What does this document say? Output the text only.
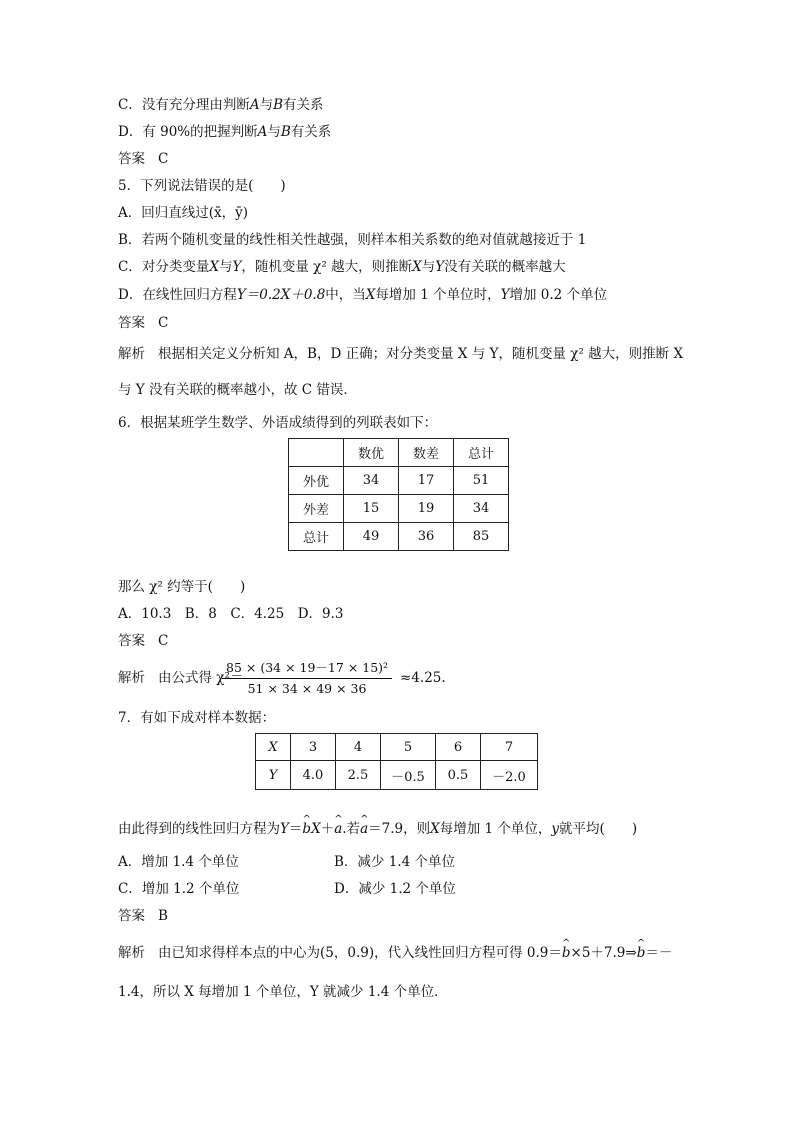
C．没有充分理由判断A与B有关系
D．有 90%的把握判断A与B有关系
答案 C
5．下列说法错误的是(　　)
A．回归直线过(x̄，ȳ)
B．若两个随机变量的线性相关性越强，则样本相关系数的绝对值就越接近于 1
C．对分类变量X与Y，随机变量 χ² 越大，则推断X与Y没有关联的概率越大
D．在线性回归方程Y＝0.2X＋0.8中，当X每增加 1 个单位时，Y增加 0.2 个单位
答案 C
解析 根据相关定义分析知 A，B，D 正确；对分类变量 X 与 Y，随机变量 χ² 越大，则推断 X
与 Y 没有关联的概率越小，故 C 错误．
6．根据某班学生数学、外语成绩得到的列联表如下：
	数优	数差	总计
外优	34	17	51
外差	15	19	34
总计	49	36	85
那么 χ² 约等于(　　)
A．10.3　B．8　C．4.25　D．9.3
答案 C
解析 由公式得 χ²＝
$\frac{\text{85 × (34 × 19－17 × 15)²}}{51 \times 34 \times 49 \times 36} \approx 4.25$.
7．有如下成对样本数据：
X	3	4	5	6	7
Y	4.0	2.5	－0.5	0.5	－2.0
由此得到的线性回归方程为Y＝^ bX＋^ a.若^ a＝7.9，则X每增加 1 个单位，y就平均(　　)
A．增加 1.4 个单位	B．减少 1.4 个单位
C．增加 1.2 个单位	D．减少 1.2 个单位
答案 B
解析 由已知求得样本点的中心为(5，0.9)，代入线性回归方程可得 0.9＝^ b×5＋7.9⇒^ b＝－
1.4，所以 X 每增加 1 个单位，Y 就减少 1.4 个单位．
